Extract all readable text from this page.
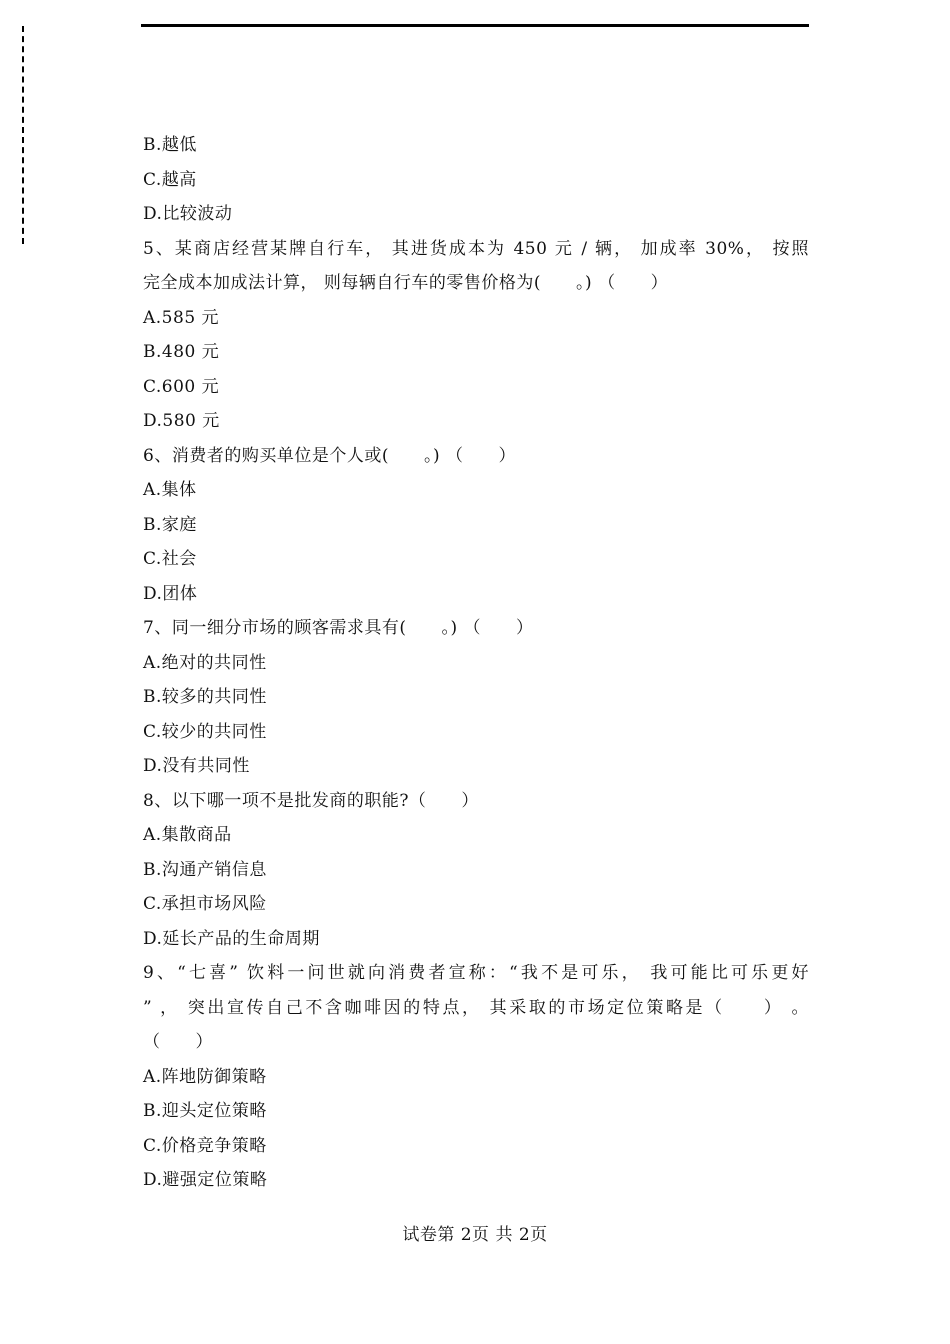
B.越低
C.越高
D.比较波动
5、某商店经营某牌自行车， 其进货成本为 450 元 / 辆， 加成率 30%， 按照
完全成本加成法计算， 则每辆自行车的零售价格为(　　。) （　　）
A.585 元
B.480 元
C.600 元
D.580 元
6、消费者的购买单位是个人或(　　。) （　　）
A.集体
B.家庭
C.社会
D.团体
7、同一细分市场的顾客需求具有(　　。) （　　）
A.绝对的共同性
B.较多的共同性
C.较少的共同性
D.没有共同性
8、以下哪一项不是批发商的职能?（　　）
A.集散商品
B.沟通产销信息
C.承担市场风险
D.延长产品的生命周期
9、“七喜” 饮料一问世就向消费者宣称：“我不是可乐， 我可能比可乐更好
” ， 突出宣传自己不含咖啡因的特点， 其采取的市场定位策略是（　　） 。
（　　）
A.阵地防御策略
B.迎头定位策略
C.价格竞争策略
D.避强定位策略
试卷第 2页 共 2页
